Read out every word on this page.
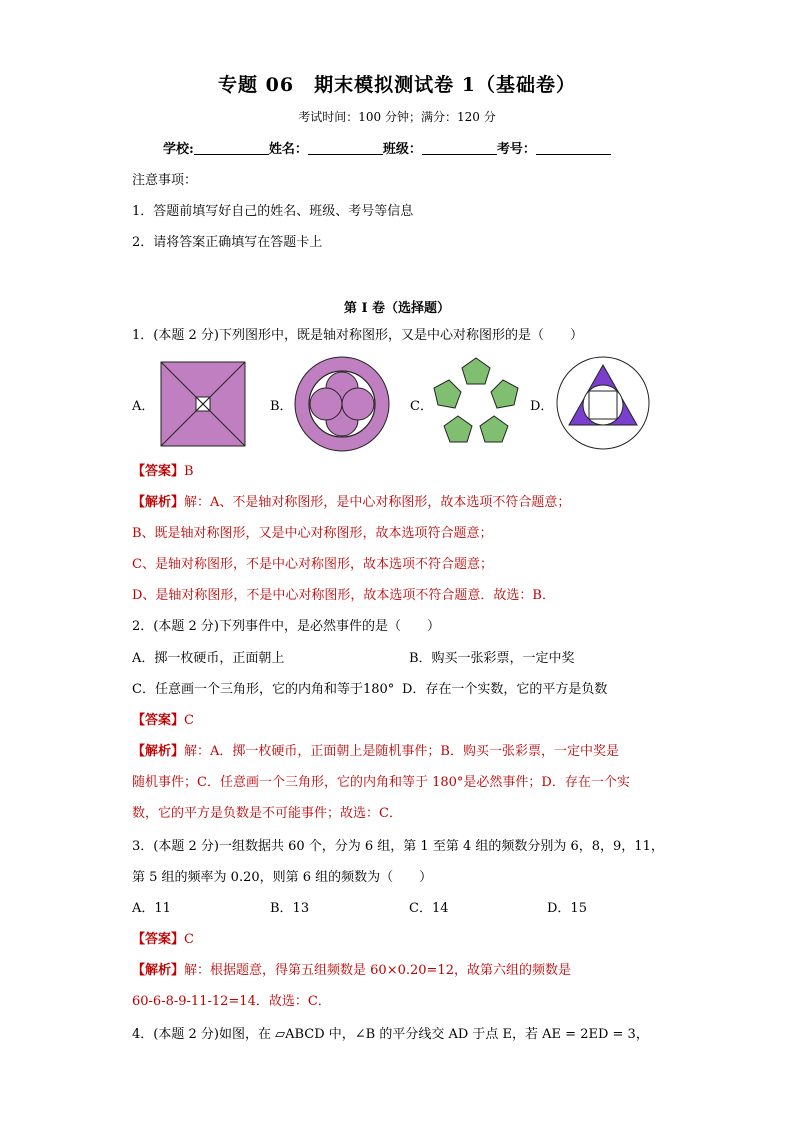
专题 06　期末模拟测试卷 1（基础卷）
考试时间：100 分钟；满分：120 分
学校:	姓名：	班级：	考号：
注意事项：
1．答题前填写好自己的姓名、班级、考号等信息
2．请将答案正确填写在答题卡上
第 I 卷（选择题）
1．(本题 2 分)下列图形中，既是轴对称图形，又是中心对称图形的是（　　）
A．	B．	C．	D．
【答案】B
【解析】解：A、不是轴对称图形，是中心对称图形，故本选项不符合题意；
B、既是轴对称图形，又是中心对称图形，故本选项符合题意；
C、是轴对称图形，不是中心对称图形，故本选项不符合题意；
D、是轴对称图形，不是中心对称图形，故本选项不符合题意．故选：B．
2．(本题 2 分)下列事件中，是必然事件的是（　　）
A．掷一枚硬币，正面朝上	B．购买一张彩票，一定中奖
C．任意画一个三角形，它的内角和等于180° D．存在一个实数，它的平方是负数
【答案】C
【解析】解：A．掷一枚硬币，正面朝上是随机事件；B．购买一张彩票，一定中奖是
随机事件；C．任意画一个三角形，它的内角和等于 180°是必然事件；D．存在一个实
数，它的平方是负数是不可能事件；故选：C．
3．(本题 2 分)一组数据共 60 个，分为 6 组，第 1 至第 4 组的频数分别为 6，8，9，11，
第 5 组的频率为 0.20，则第 6 组的频数为（　　）
A．11	B．13	C．14	D．15
【答案】C
【解析】解：根据题意，得第五组频数是 60×0.20=12，故第六组的频数是
60-6-8-9-11-12=14．故选：C．
4．(本题 2 分)如图，在 ▱ABCD 中，∠B 的平分线交 AD 于点 E，若 AE = 2ED = 3，
